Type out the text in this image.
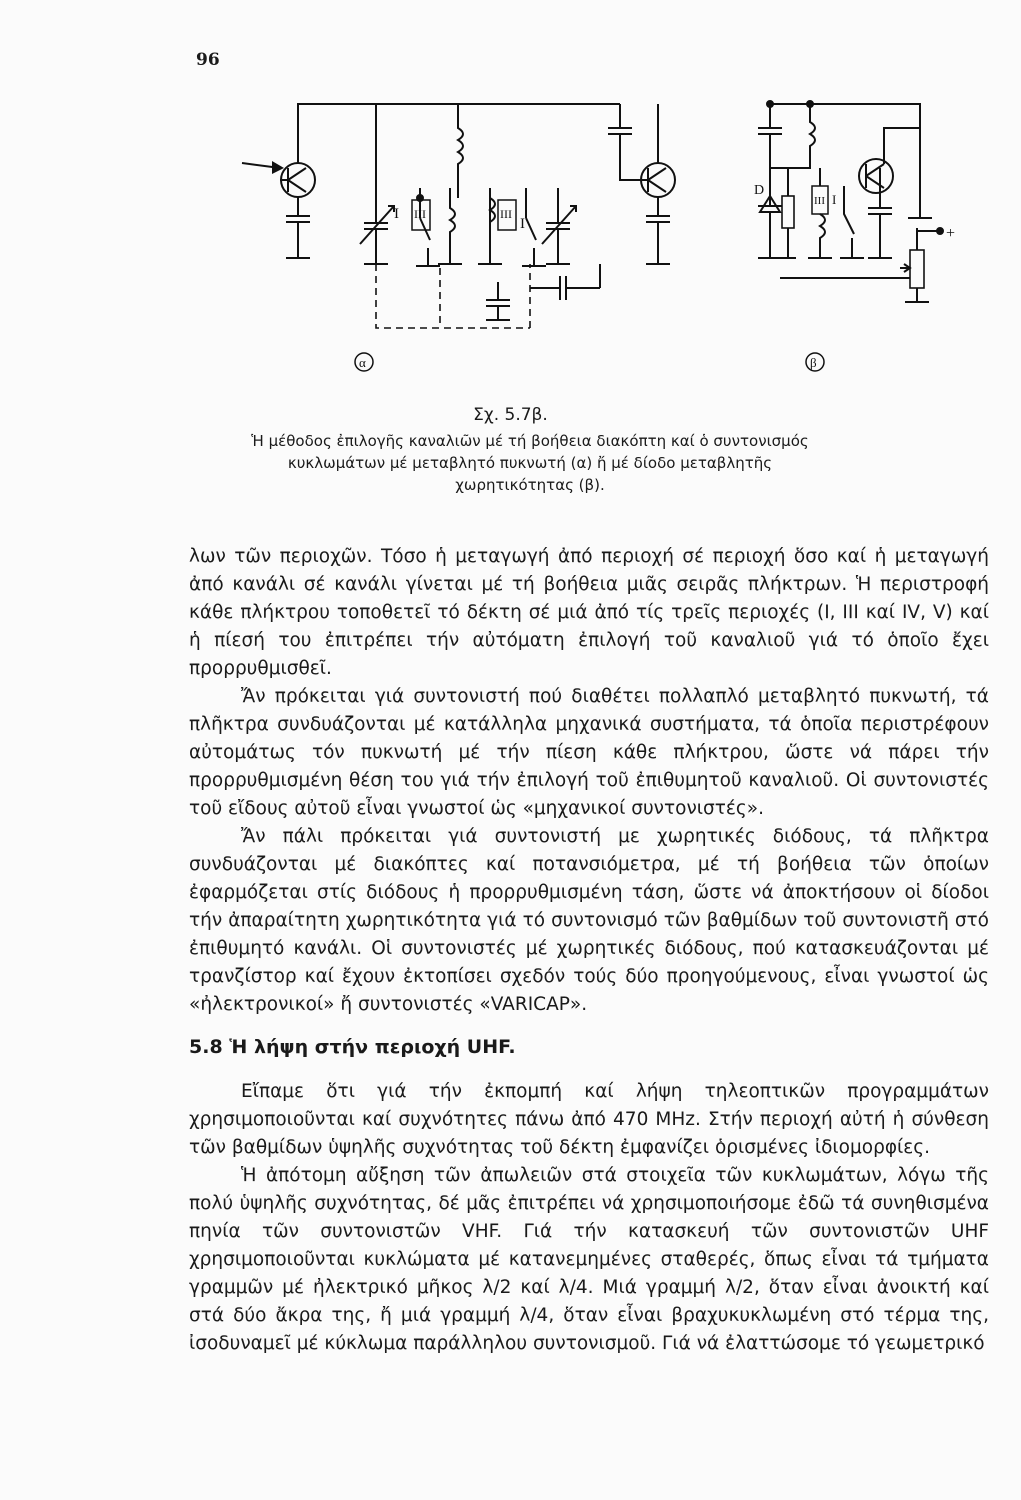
96
I III	III
I
α
D
III I
+
β
Σχ. 5.7β.
Ἡ μέθοδος ἐπιλογῆς καναλιῶν μέ τή βοήθεια διακόπτη καί ὁ συντονισμός κυκλωμάτων μέ μεταβλητό πυκνωτή (α) ἤ μέ δίοδο μεταβλητῆς χωρητικότητας (β).

λων τῶν περιοχῶν. Τόσο ἡ μεταγωγή ἀπό περιοχή σέ περιοχή ὅσο καί ἡ μεταγωγή ἀπό κανάλι σέ κανάλι γίνεται μέ τή βοήθεια μιᾶς σειρᾶς πλήκτρων. Ἡ περιστροφή κάθε πλήκτρου τοποθετεῖ τό δέκτη σέ μιά ἀπό τίς τρεῖς περιοχές (Ι, ΙΙΙ καί IV, V) καί ἡ πίεσή του ἐπιτρέπει τήν αὐτόματη ἐπιλογή τοῦ καναλιοῦ γιά τό ὁποῖο ἔχει προρρυθμισθεῖ.

Ἄν πρόκειται γιά συντονιστή πού διαθέτει πολλαπλό μεταβλητό πυκνωτή, τά πλῆκτρα συνδυάζονται μέ κατάλληλα μηχανικά συστήματα, τά ὁποῖα περιστρέφουν αὐτομάτως τόν πυκνωτή μέ τήν πίεση κάθε πλήκτρου, ὥστε νά πάρει τήν προρρυθμισμένη θέση του γιά τήν ἐπιλογή τοῦ ἐπιθυμητοῦ καναλιοῦ. Οἱ συντονιστές τοῦ εἴδους αὐτοῦ εἶναι γνωστοί ὡς «μηχανικοί συντονιστές».

Ἄν πάλι πρόκειται γιά συντονιστή με χωρητικές διόδους, τά πλῆκτρα συνδυάζονται μέ διακόπτες καί ποτανσιόμετρα, μέ τή βοήθεια τῶν ὁποίων ἐφαρμόζεται στίς διόδους ἡ προρρυθμισμένη τάση, ὥστε νά ἀποκτήσουν οἱ δίοδοι τήν ἀπαραίτητη χωρητικότητα γιά τό συντονισμό τῶν βαθμίδων τοῦ συντονιστῆ στό ἐπιθυμητό κανάλι. Οἱ συντονιστές μέ χωρητικές διόδους, πού κατασκευάζονται μέ τρανζίστορ καί ἔχουν ἐκτοπίσει σχεδόν τούς δύο προηγούμενους, εἶναι γνωστοί ὡς «ἠλεκτρονικοί» ἤ συντονιστές «VARICAP».

5.8 Ἡ λήψη στήν περιοχή UHF.

Εἴπαμε ὅτι γιά τήν ἐκπομπή καί λήψη τηλεοπτικῶν προγραμμάτων χρησιμοποιοῦνται καί συχνότητες πάνω ἀπό 470 MHz. Στήν περιοχή αὐτή ἡ σύνθεση τῶν βαθμίδων ὑψηλῆς συχνότητας τοῦ δέκτη ἐμφανίζει ὁρισμένες ἰδιομορφίες.

Ἡ ἀπότομη αὔξηση τῶν ἀπωλειῶν στά στοιχεῖα τῶν κυκλωμάτων, λόγω τῆς πολύ ὑψηλῆς συχνότητας, δέ μᾶς ἐπιτρέπει νά χρησιμοποιήσομε ἐδῶ τά συνηθισμένα πηνία τῶν συντονιστῶν VHF. Γιά τήν κατασκευή τῶν συντονιστῶν UHF χρησιμοποιοῦνται κυκλώματα μέ κατανεμημένες σταθερές, ὅπως εἶναι τά τμήματα γραμμῶν μέ ἠλεκτρικό μῆκος λ/2 καί λ/4. Μιά γραμμή λ/2, ὅταν εἶναι ἀνοικτή καί στά δύο ἄκρα της, ἤ μιά γραμμή λ/4, ὅταν εἶναι βραχυκυκλωμένη στό τέρμα της, ἰσοδυναμεῖ μέ κύκλωμα παράλληλου συντονισμοῦ. Γιά νά ἐλαττώσομε τό γεωμετρικό
